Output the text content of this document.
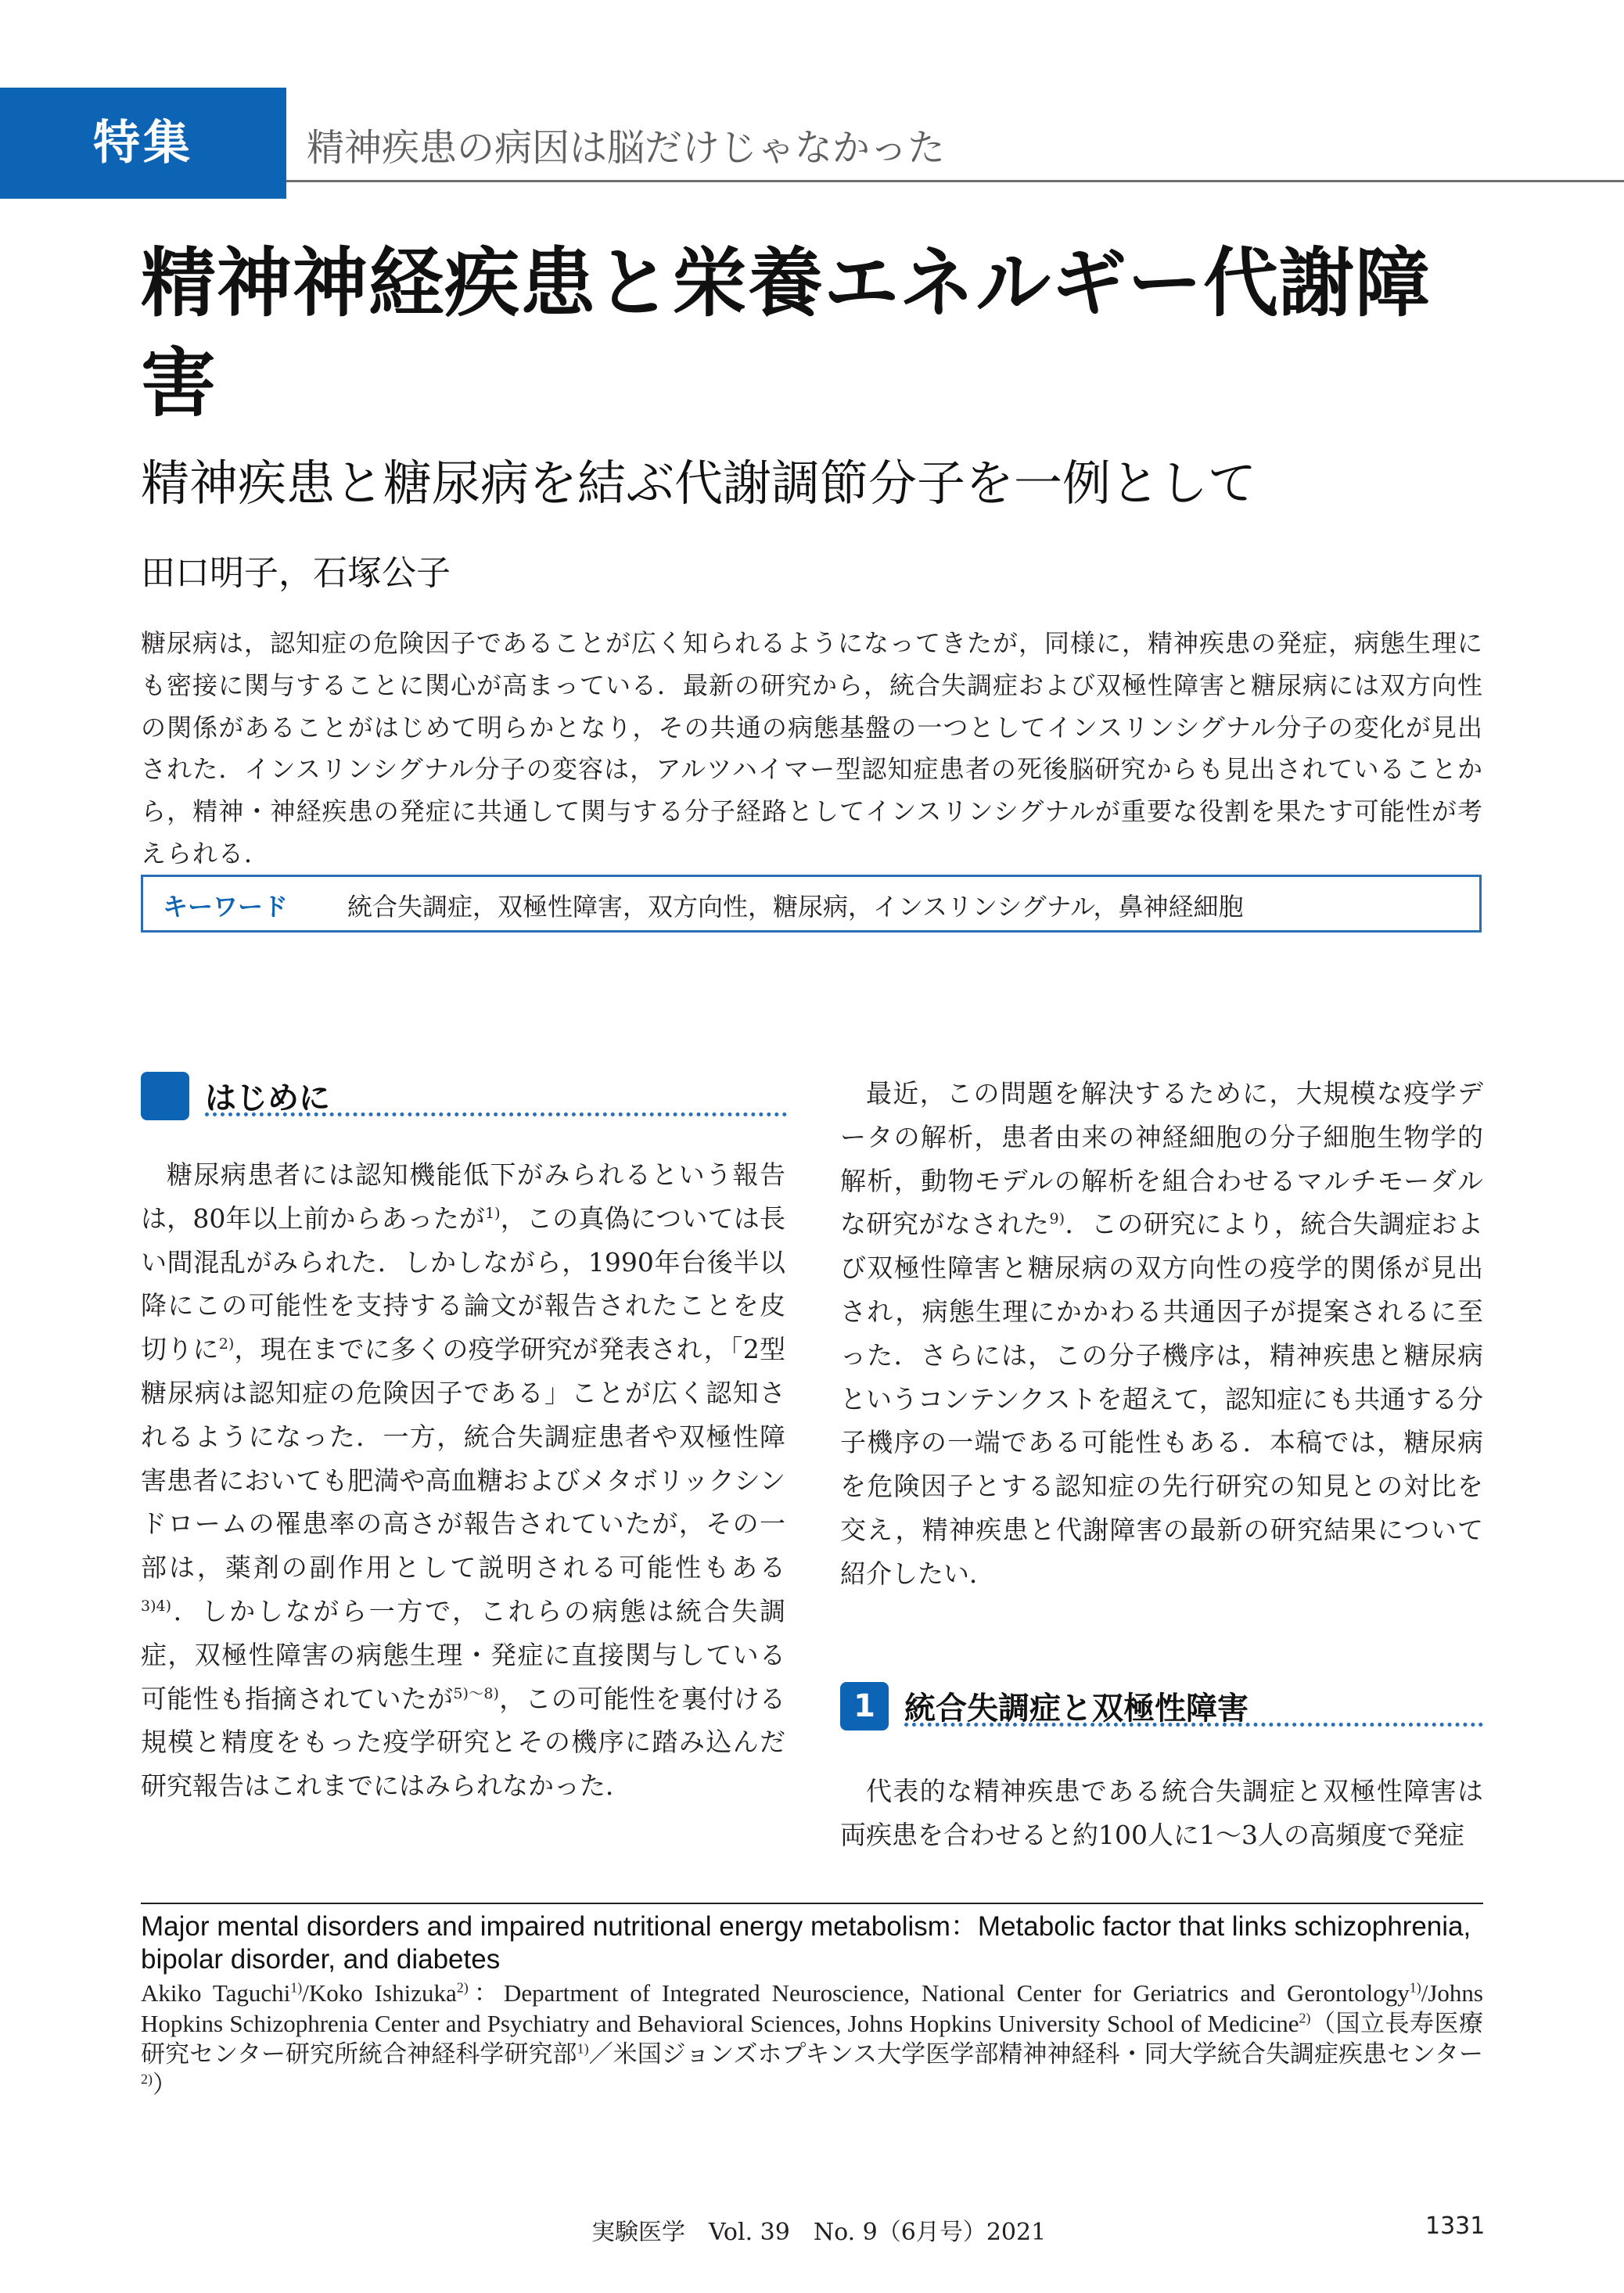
特集	精神疾患の病因は脳だけじゃなかった
精神神経疾患と栄養エネルギー代謝障害
精神疾患と糖尿病を結ぶ代謝調節分子を一例として
田口明子，石塚公子
糖尿病は，認知症の危険因子であることが広く知られるようになってきたが，同様に，精神疾患の発症，病態生理にも密接に関与することに関心が高まっている．最新の研究から，統合失調症および双極性障害と糖尿病には双方向性の関係があることがはじめて明らかとなり，その共通の病態基盤の一つとしてインスリンシグナル分子の変化が見出された．インスリンシグナル分子の変容は，アルツハイマー型認知症患者の死後脳研究からも見出されていることから，精神・神経疾患の発症に共通して関与する分子経路としてインスリンシグナルが重要な役割を果たす可能性が考えられる．
キーワード 統合失調症，双極性障害，双方向性，糖尿病，インスリンシグナル，鼻神経細胞
はじめに

糖尿病患者には認知機能低下がみられるという報告は，80年以上前からあったが$^{1)}$，この真偽については長い間混乱がみられた．しかしながら，1990年台後半以降にこの可能性を支持する論文が報告されたことを皮切りに$^{2)}$，現在までに多くの疫学研究が発表され，「2型糖尿病は認知症の危険因子である」ことが広く認知されるようになった．一方，統合失調症患者や双極性障害患者においても肥満や高血糖およびメタボリックシンドロームの罹患率の高さが報告されていたが，その一部は，薬剤の副作用として説明される可能性もある$^{3)4)}$．しかしながら一方で，これらの病態は統合失調症，双極性障害の病態生理・発症に直接関与している可能性も指摘されていたが$^{5)\sim 8)}$，この可能性を裏付ける規模と精度をもった疫学研究とその機序に踏み込んだ研究報告はこれまでにはみられなかった．

最近，この問題を解決するために，大規模な疫学データの解析，患者由来の神経細胞の分子細胞生物学的解析，動物モデルの解析を組合わせるマルチモーダルな研究がなされた$^{9)}$．この研究により，統合失調症および双極性障害と糖尿病の双方向性の疫学的関係が見出され，病態生理にかかわる共通因子が提案されるに至った．さらには，この分子機序は，精神疾患と糖尿病というコンテンクストを超えて，認知症にも共通する分子機序の一端である可能性もある．本稿では，糖尿病を危険因子とする認知症の先行研究の知見との対比を交え，精神疾患と代謝障害の最新の研究結果について紹介したい．

1 統合失調症と双極性障害

代表的な精神疾患である統合失調症と双極性障害は両疾患を合わせると約100人に1～3人の高頻度で発症

Major mental disorders and impaired nutritional energy metabolism：Metabolic factor that links schizophrenia, bipolar disorder, and diabetes
Akiko Taguchi$^{1)}$/Koko Ishizuka$^{2)}$：Department of Integrated Neuroscience, National Center for Geriatrics and Gerontology$^{1)}$/Johns Hopkins Schizophrenia Center and Psychiatry and Behavioral Sciences, Johns Hopkins University School of Medicine$^{2)}$（国立長寿医療研究センター研究所統合神経科学研究部$^{1)}$／米国ジョンズホプキンス大学医学部精神神経科・同大学統合失調症疾患センター$^{2)}$）
実験医学　Vol. 39　No. 9（6月号）2021	1331
